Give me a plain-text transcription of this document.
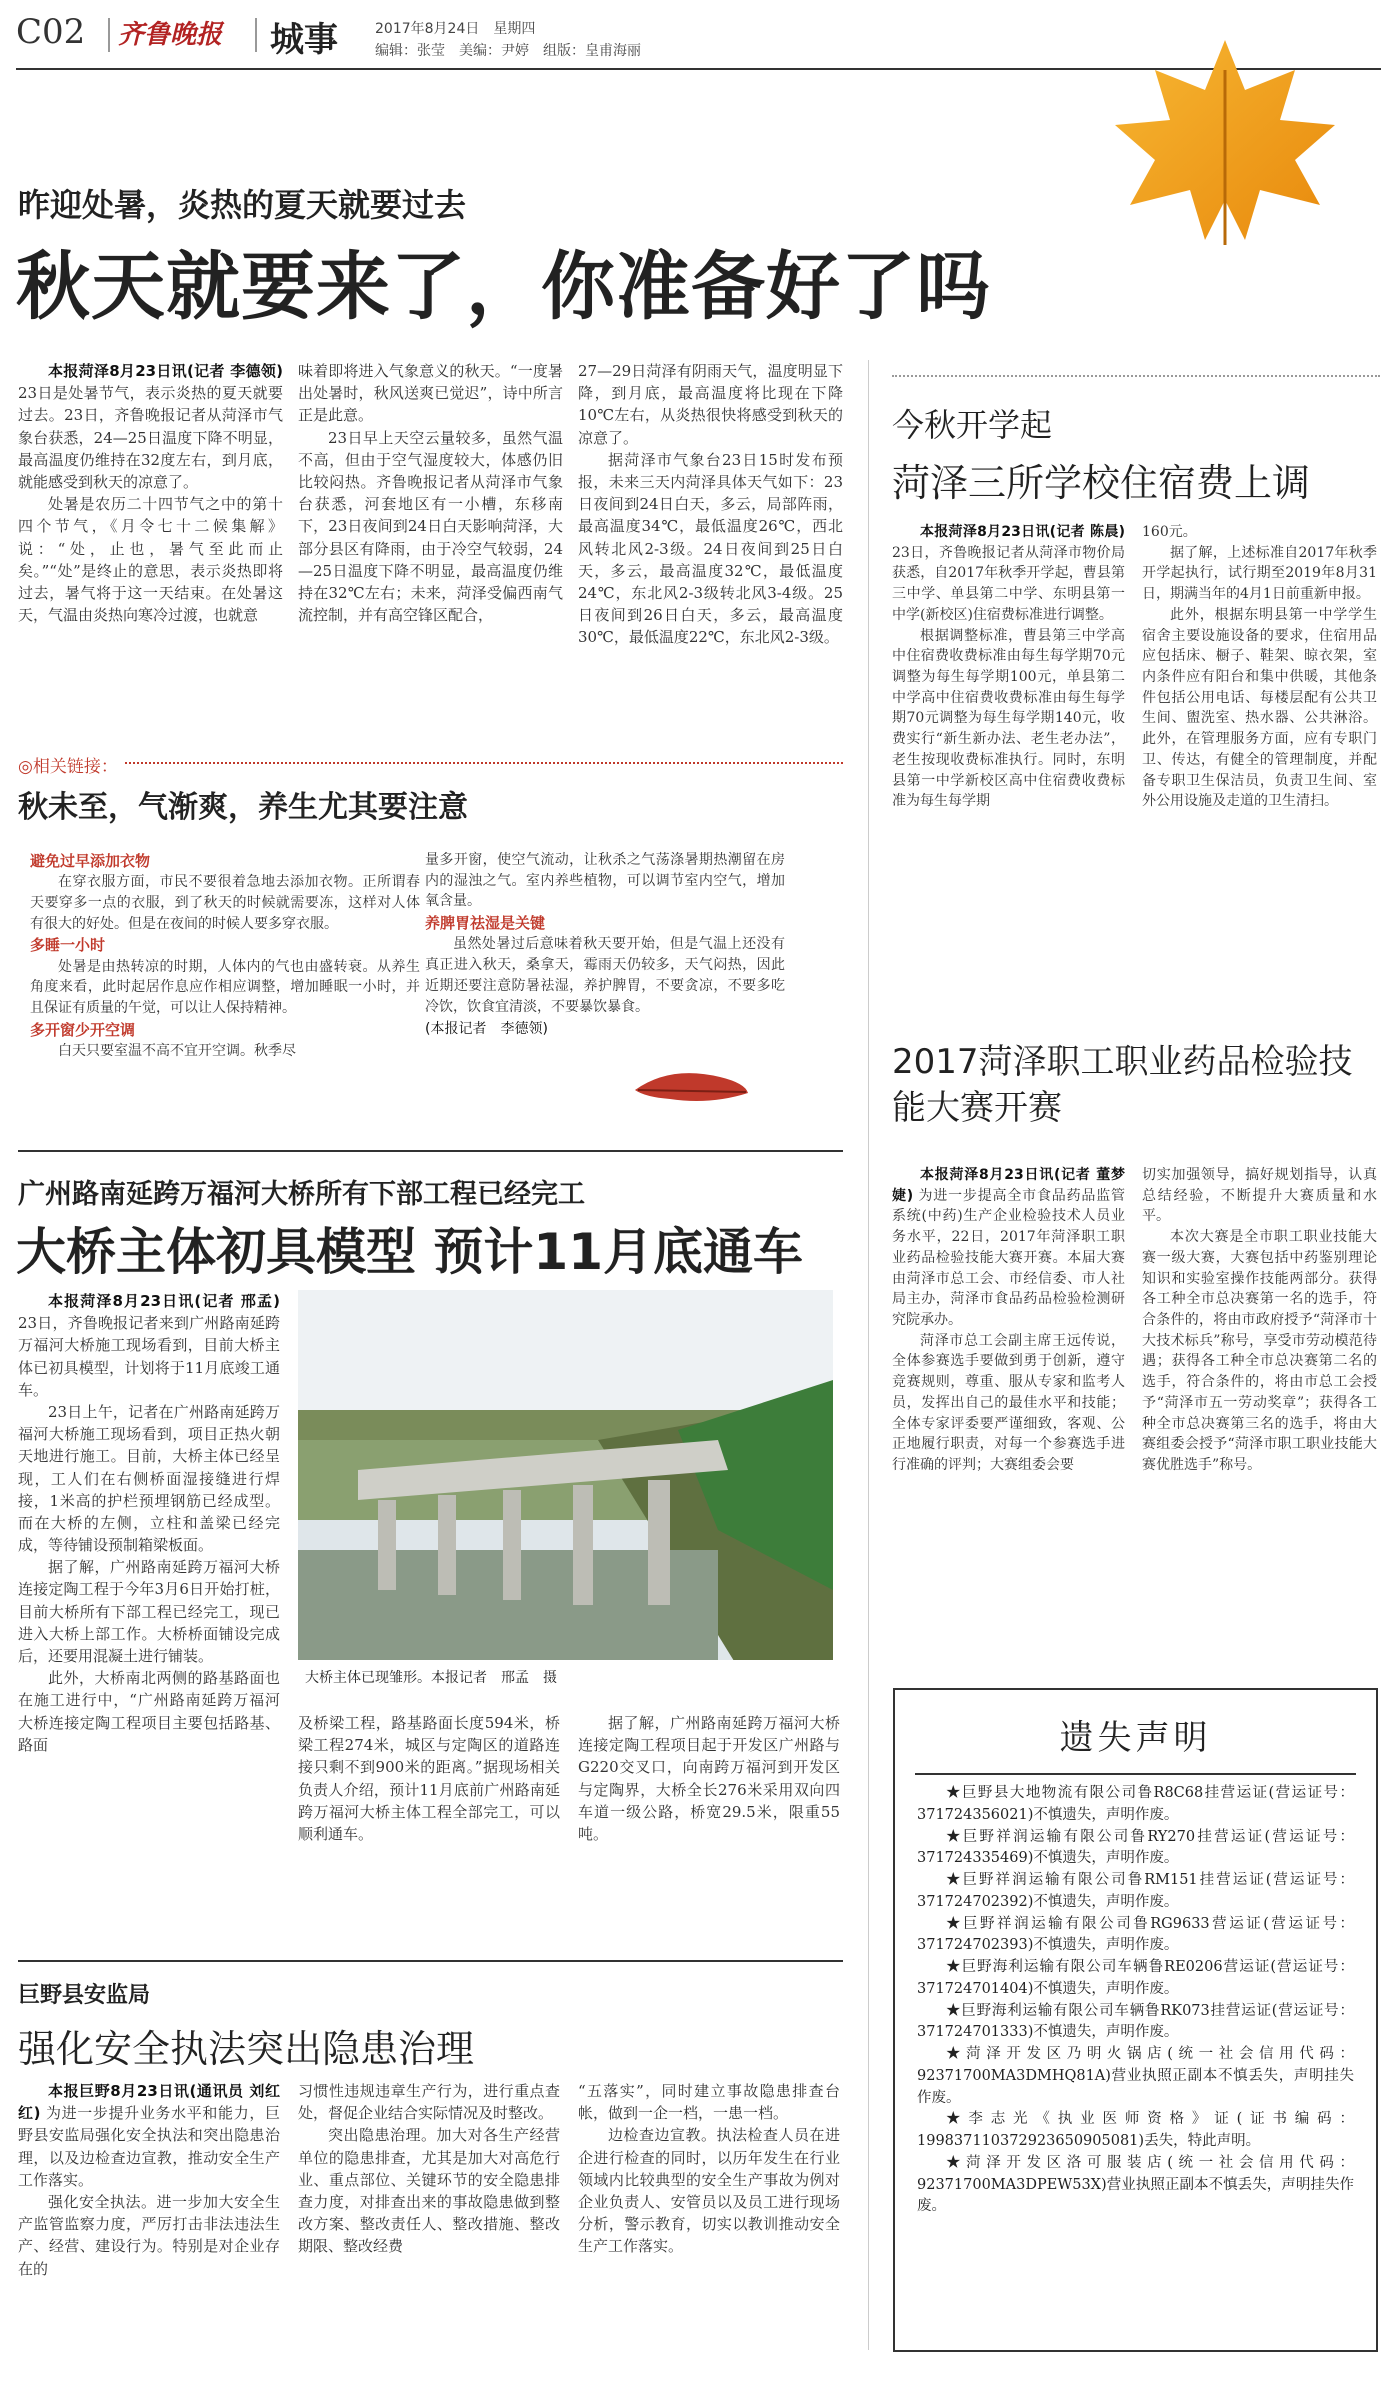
C02 齐鲁晚报 城事	2017年8月24日　 星期四
编辑：张莹　美编：尹婷　组版：皇甫海丽
昨迎处暑，炎热的夏天就要过去
秋天就要来了，你准备好了吗

本报菏泽8月23日讯(记者 李德领) 23日是处暑节气，表示炎热的夏天就要过去。23日，齐鲁晚报记者从菏泽市气象台获悉，24—25日温度下降不明显，最高温度仍维持在32度左右，到月底，就能感受到秋天的凉意了。

处暑是农历二十四节气之中的第十四个节气，《月令七十二候集解》说：“处，止也，暑气至此而止矣。”“处”是终止的意思，表示炎热即将过去，暑气将于这一天结束。在处暑这天，气温由炎热向寒冷过渡，也就意

味着即将进入气象意义的秋天。“一度暑出处暑时，秋风送爽已觉迟”，诗中所言正是此意。

23日早上天空云量较多，虽然气温不高，但由于空气湿度较大，体感仍旧比较闷热。齐鲁晚报记者从菏泽市气象台获悉，河套地区有一小槽，东移南下，23日夜间到24日白天影响菏泽，大部分县区有降雨，由于冷空气较弱，24—25日温度下降不明显，最高温度仍维持在32℃左右；未来，菏泽受偏西南气流控制，并有高空锋区配合，

27—29日菏泽有阴雨天气，温度明显下降，到月底，最高温度将比现在下降10℃左右，从炎热很快将感受到秋天的凉意了。

据菏泽市气象台23日15时发布预报，未来三天内菏泽具体天气如下：23日夜间到24日白天，多云，局部阵雨，最高温度34℃，最低温度26℃，西北风转北风2-3级。24日夜间到25日白天，多云，最高温度32℃，最低温度24℃，东北风2-3级转北风3-4级。25日夜间到26日白天，多云，最高温度30℃，最低温度22℃，东北风2-3级。

◎相关链接：
秋未至，气渐爽，养生尤其要注意
避免过早添加衣物

在穿衣服方面，市民不要很着急地去添加衣物。正所谓春天要穿多一点的衣服，到了秋天的时候就需要冻，这样对人体有很大的好处。但是在夜间的时候人要多穿衣服。

多睡一小时

处暑是由热转凉的时期，人体内的气也由盛转衰。从养生角度来看，此时起居作息应作相应调整，增加睡眠一小时，并且保证有质量的午觉，可以让人保持精神。

多开窗少开空调

白天只要室温不高不宜开空调。秋季尽

量多开窗，使空气流动，让秋杀之气荡涤暑期热潮留在房内的湿浊之气。室内养些植物，可以调节室内空气，增加氧含量。

养脾胃祛湿是关键

虽然处暑过后意味着秋天要开始，但是气温上还没有真正进入秋天，桑拿天，霉雨天仍较多，天气闷热，因此近期还要注意防暑祛湿，养护脾胃，不要贪凉，不要多吃冷饮，饮食宜清淡，不要暴饮暴食。

(本报记者　李德领)
广州路南延跨万福河大桥所有下部工程已经完工
大桥主体初具模型 预计11月底通车

本报菏泽8月23日讯(记者 邢孟) 23日，齐鲁晚报记者来到广州路南延跨万福河大桥施工现场看到，目前大桥主体已初具模型，计划将于11月底竣工通车。

23日上午，记者在广州路南延跨万福河大桥施工现场看到，项目正热火朝天地进行施工。目前，大桥主体已经呈现，工人们在右侧桥面湿接缝进行焊接，1米高的护栏预埋钢筋已经成型。而在大桥的左侧，立柱和盖梁已经完成，等待铺设预制箱梁板面。

据了解，广州路南延跨万福河大桥连接定陶工程于今年3月6日开始打桩，目前大桥所有下部工程已经完工，现已进入大桥上部工作。大桥桥面铺设完成后，还要用混凝土进行铺装。

此外，大桥南北两侧的路基路面也在施工进行中，“广州路南延跨万福河大桥连接定陶工程项目主要包括路基、路面

大桥主体已现雏形。本报记者　邢孟　摄

及桥梁工程，路基路面长度594米，桥梁工程274米，城区与定陶区的道路连接只剩不到900米的距离。”据现场相关负责人介绍，预计11月底前广州路南延跨万福河大桥主体工程全部完工，可以顺利通车。

据了解，广州路南延跨万福河大桥连接定陶工程项目起于开发区广州路与G220交叉口，向南跨万福河到开发区与定陶界，大桥全长276米采用双向四车道一级公路，桥宽29.5米，限重55吨。

巨野县安监局
强化安全执法突出隐患治理

本报巨野8月23日讯(通讯员 刘红红) 为进一步提升业务水平和能力，巨野县安监局强化安全执法和突出隐患治理，以及边检查边宣教，推动安全生产工作落实。

强化安全执法。进一步加大安全生产监管监察力度，严厉打击非法违法生产、经营、建设行为。特别是对企业存在的

习惯性违规违章生产行为，进行重点查处，督促企业结合实际情况及时整改。

突出隐患治理。加大对各生产经营单位的隐患排查，尤其是加大对高危行业、重点部位、关键环节的安全隐患排查力度，对排查出来的事故隐患做到整改方案、整改责任人、整改措施、整改期限、整改经费

“五落实”，同时建立事故隐患排查台帐，做到一企一档，一患一档。

边检查边宣教。执法检查人员在进企进行检查的同时，以历年发生在行业领域内比较典型的安全生产事故为例对企业负责人、安管员以及员工进行现场分析，警示教育，切实以教训推动安全生产工作落实。

今秋开学起
菏泽三所学校住宿费上调

本报菏泽8月23日讯(记者 陈晨) 23日，齐鲁晚报记者从菏泽市物价局获悉，自2017年秋季开学起，曹县第三中学、单县第二中学、东明县第一中学(新校区)住宿费标准进行调整。

根据调整标准，曹县第三中学高中住宿费收费标准由每生每学期70元调整为每生每学期100元，单县第二中学高中住宿费收费标准由每生每学期70元调整为每生每学期140元，收费实行“新生新办法、老生老办法”，老生按现收费标准执行。同时，东明县第一中学新校区高中住宿费收费标准为每生每学期

160元。

据了解，上述标准自2017年秋季开学起执行，试行期至2019年8月31日，期满当年的4月1日前重新申报。

此外，根据东明县第一中学学生宿舍主要设施设备的要求，住宿用品应包括床、橱子、鞋架、晾衣架，室内条件应有阳台和集中供暖，其他条件包括公用电话、每楼层配有公共卫生间、盥洗室、热水器、公共淋浴。此外，在管理服务方面，应有专职门卫、传达，有健全的管理制度，并配备专职卫生保洁员，负责卫生间、室外公用设施及走道的卫生清扫。

2017菏泽职工职业药品检验技能大赛开赛

本报菏泽8月23日讯(记者 董梦婕) 为进一步提高全市食品药品监管系统(中药)生产企业检验技术人员业务水平，22日，2017年菏泽职工职业药品检验技能大赛开赛。本届大赛由菏泽市总工会、市经信委、市人社局主办，菏泽市食品药品检验检测研究院承办。

菏泽市总工会副主席王远传说，全体参赛选手要做到勇于创新，遵守竞赛规则，尊重、服从专家和监考人员，发挥出自己的最佳水平和技能；全体专家评委要严谨细致，客观、公正地履行职责，对每一个参赛选手进行准确的评判；大赛组委会要

切实加强领导，搞好规划指导，认真总结经验，不断提升大赛质量和水平。

本次大赛是全市职工职业技能大赛一级大赛，大赛包括中药鉴别理论知识和实验室操作技能两部分。获得各工种全市总决赛第一名的选手，符合条件的，将由市政府授予“菏泽市十大技术标兵”称号，享受市劳动模范待遇；获得各工种全市总决赛第二名的选手，符合条件的，将由市总工会授予“菏泽市五一劳动奖章”；获得各工种全市总决赛第三名的选手，将由大赛组委会授予“菏泽市职工职业技能大赛优胜选手”称号。

遗失声明

★巨野县大地物流有限公司鲁R8C68挂营运证(营运证号：371724356021)不慎遗失，声明作废。

★巨野祥润运输有限公司鲁RY270挂营运证(营运证号：371724335469)不慎遗失，声明作废。

★巨野祥润运输有限公司鲁RM151挂营运证(营运证号：371724702392)不慎遗失，声明作废。

★巨野祥润运输有限公司鲁RG9633营运证(营运证号：371724702393)不慎遗失，声明作废。

★巨野海利运输有限公司车辆鲁RE0206营运证(营运证号：371724701404)不慎遗失，声明作废。

★巨野海利运输有限公司车辆鲁RK073挂营运证(营运证号：371724701333)不慎遗失，声明作废。

★菏泽开发区乃明火锅店(统一社会信用代码：92371700MA3DMHQ81A)营业执照正副本不慎丢失，声明挂失作废。

★李志光《执业医师资格》证(证书编码：199837110372923650905081)丢失，特此声明。

★菏泽开发区洛可服装店(统一社会信用代码：92371700MA3DPEW53X)营业执照正副本不慎丢失，声明挂失作废。
